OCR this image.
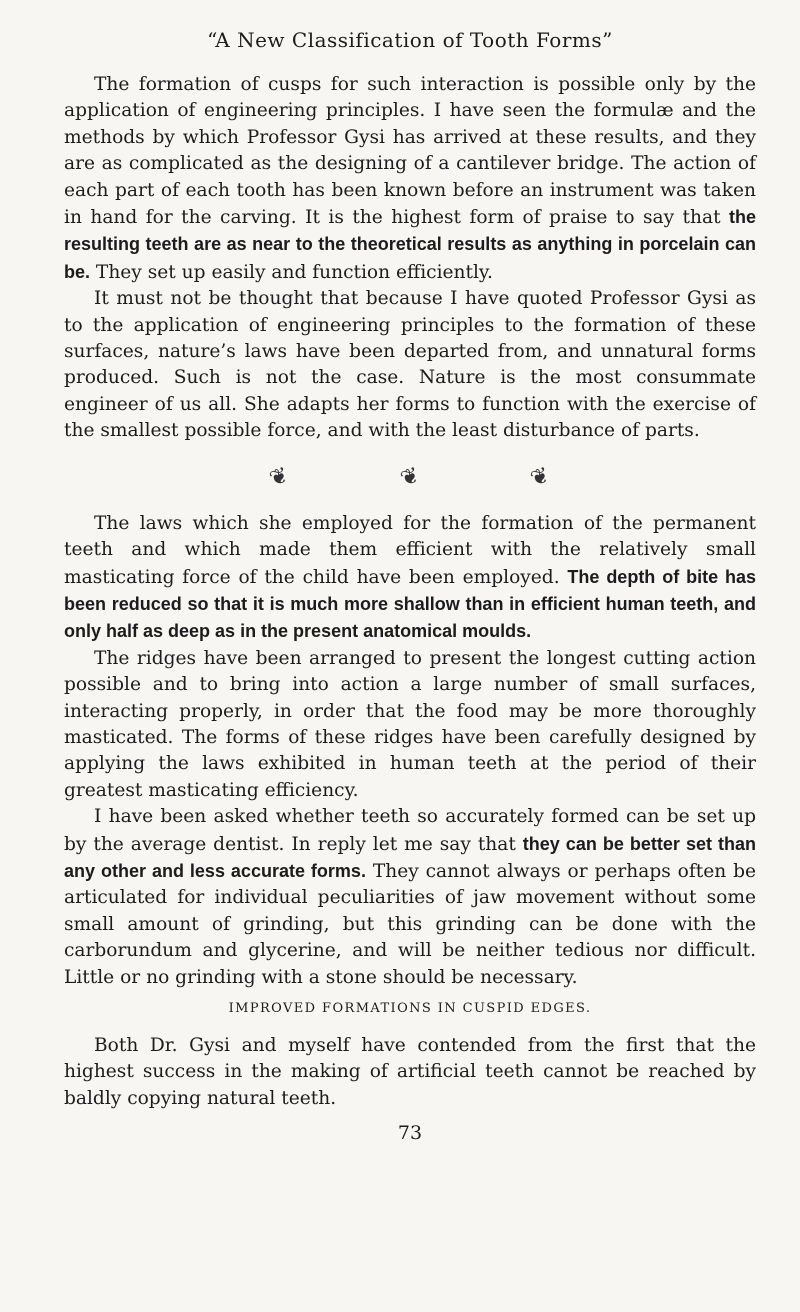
“A New Classification of Tooth Forms”

The formation of cusps for such interaction is possible only by the application of engineering principles. I have seen the formulæ and the methods by which Professor Gysi has arrived at these results, and they are as complicated as the designing of a cantilever bridge. The action of each part of each tooth has been known before an instrument was taken in hand for the carving. It is the highest form of praise to say that the resulting teeth are as near to the theoretical results as anything in porcelain can be. They set up easily and function efficiently.

It must not be thought that because I have quoted Professor Gysi as to the application of engineering principles to the formation of these surfaces, nature’s laws have been departed from, and unnatural forms produced. Such is not the case. Nature is the most consummate engineer of us all. She adapts her forms to function with the exercise of the smallest possible force, and with the least disturbance of parts.

❦	❦	❦

The laws which she employed for the formation of the permanent teeth and which made them efficient with the relatively small masticating force of the child have been employed. The depth of bite has been reduced so that it is much more shallow than in efficient human teeth, and only half as deep as in the present anatomical moulds.

The ridges have been arranged to present the longest cutting action possible and to bring into action a large number of small surfaces, interacting properly, in order that the food may be more thoroughly masticated. The forms of these ridges have been carefully designed by applying the laws exhibited in human teeth at the period of their greatest masticating efficiency.

I have been asked whether teeth so accurately formed can be set up by the average dentist. In reply let me say that they can be better set than any other and less accurate forms. They cannot always or perhaps often be articulated for individual peculiarities of jaw movement without some small amount of grinding, but this grinding can be done with the carborundum and glycerine, and will be neither tedious nor difficult. Little or no grinding with a stone should be necessary.

IMPROVED FORMATIONS IN CUSPID EDGES.

Both Dr. Gysi and myself have contended from the first that the highest success in the making of artificial teeth cannot be reached by baldly copying natural teeth.

73
